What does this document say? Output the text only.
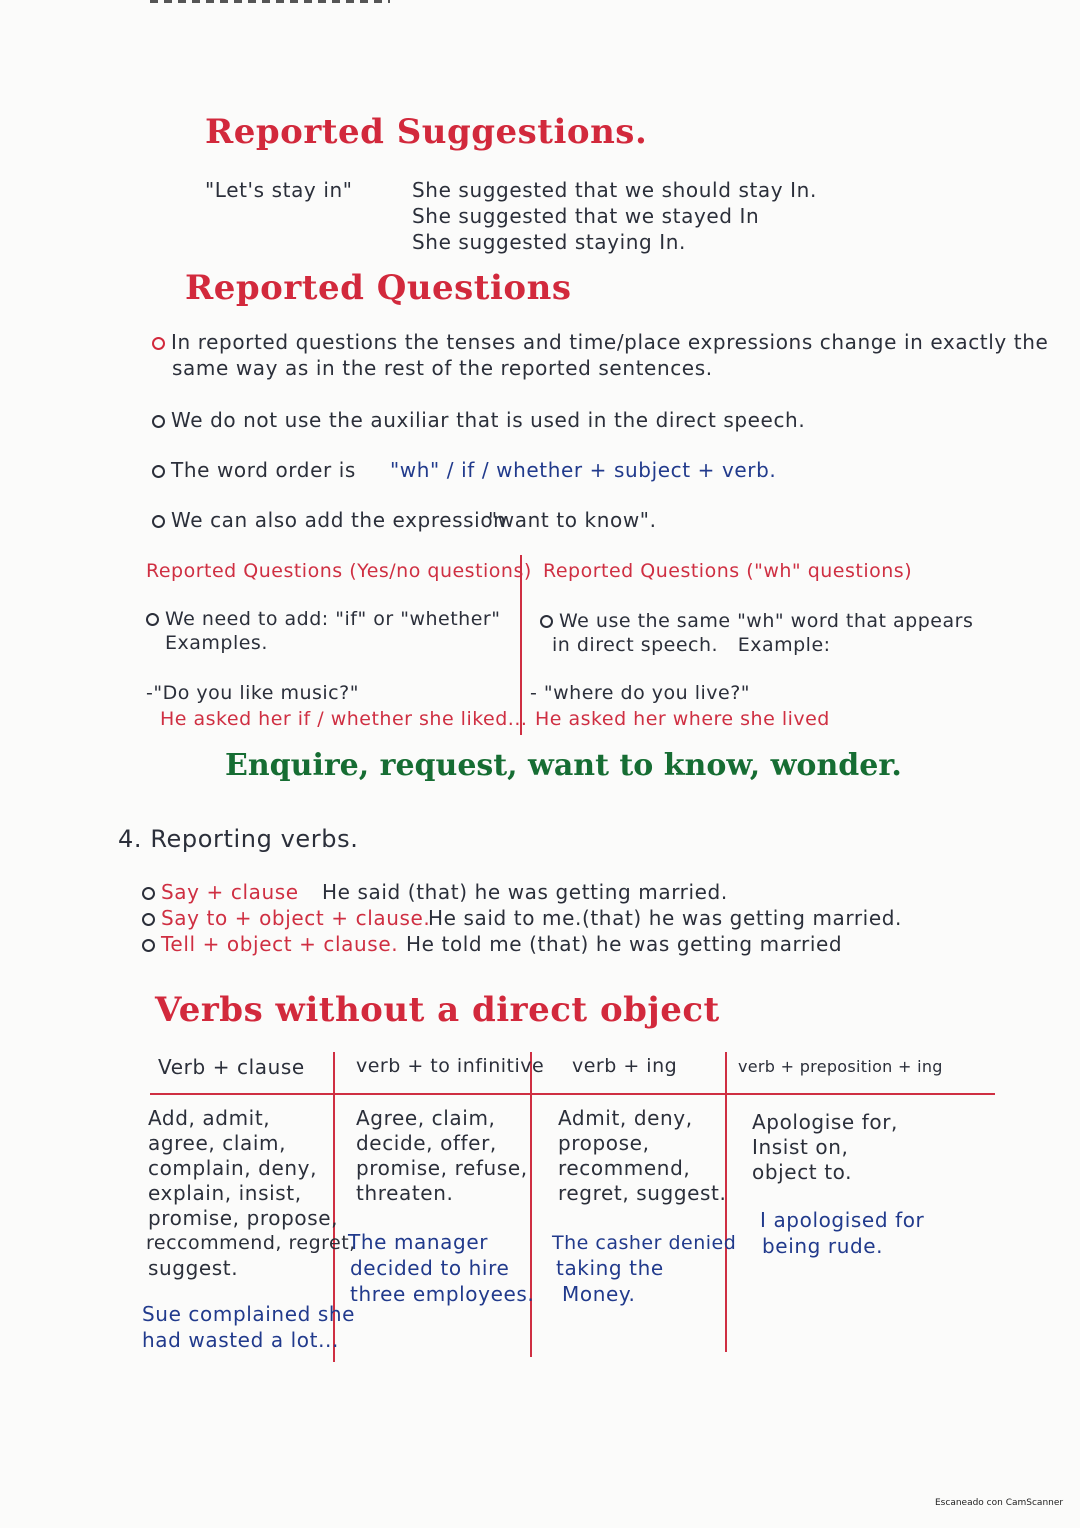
Reported Suggestions.
"Let's stay in"	She suggested that we should stay In.
She suggested that we stayed In
She suggested staying In.
Reported Questions
In reported questions the tenses and time/place expressions change in exactly the
same way as in the rest of the reported sentences.
We do not use the auxiliar that is used in the direct speech.
The word order is "wh" / if / whether + subject + verb.
We can also add the expression
"want to know".
Reported Questions (Yes/no questions)
We need to add: "if" or "whether"
Examples.
-"Do you like music?"
He asked her if / whether she liked...
Reported Questions ("wh" questions)
We use the same "wh" word that appears
in direct speech. Example:
- "where do you live?"
He asked her where she lived
Enquire, request, want to know, wonder.
4. Reporting verbs.
Say + clause He said (that) he was getting married.
Say to + object + clause.
He said to me.(that) he was getting married.
Tell + object + clause. He told me (that) he was getting married
Verbs without a direct object
Verb + clause
Add, admit,
agree, claim,
complain, deny,
explain, insist,
promise, propose,
reccommend, regret,
suggest.
Sue complained she
had wasted a lot...
verb + to infinitive
Agree, claim,
decide, offer,
promise, refuse,
threaten.
The manager
decided to hire
three employees.
verb + ing
Admit, deny,
propose,
recommend,
regret, suggest.
The casher denied
taking the
Money.
verb + preposition + ing
Apologise for,
Insist on,
object to.
I apologised for
being rude.
Escaneado con CamScanner
